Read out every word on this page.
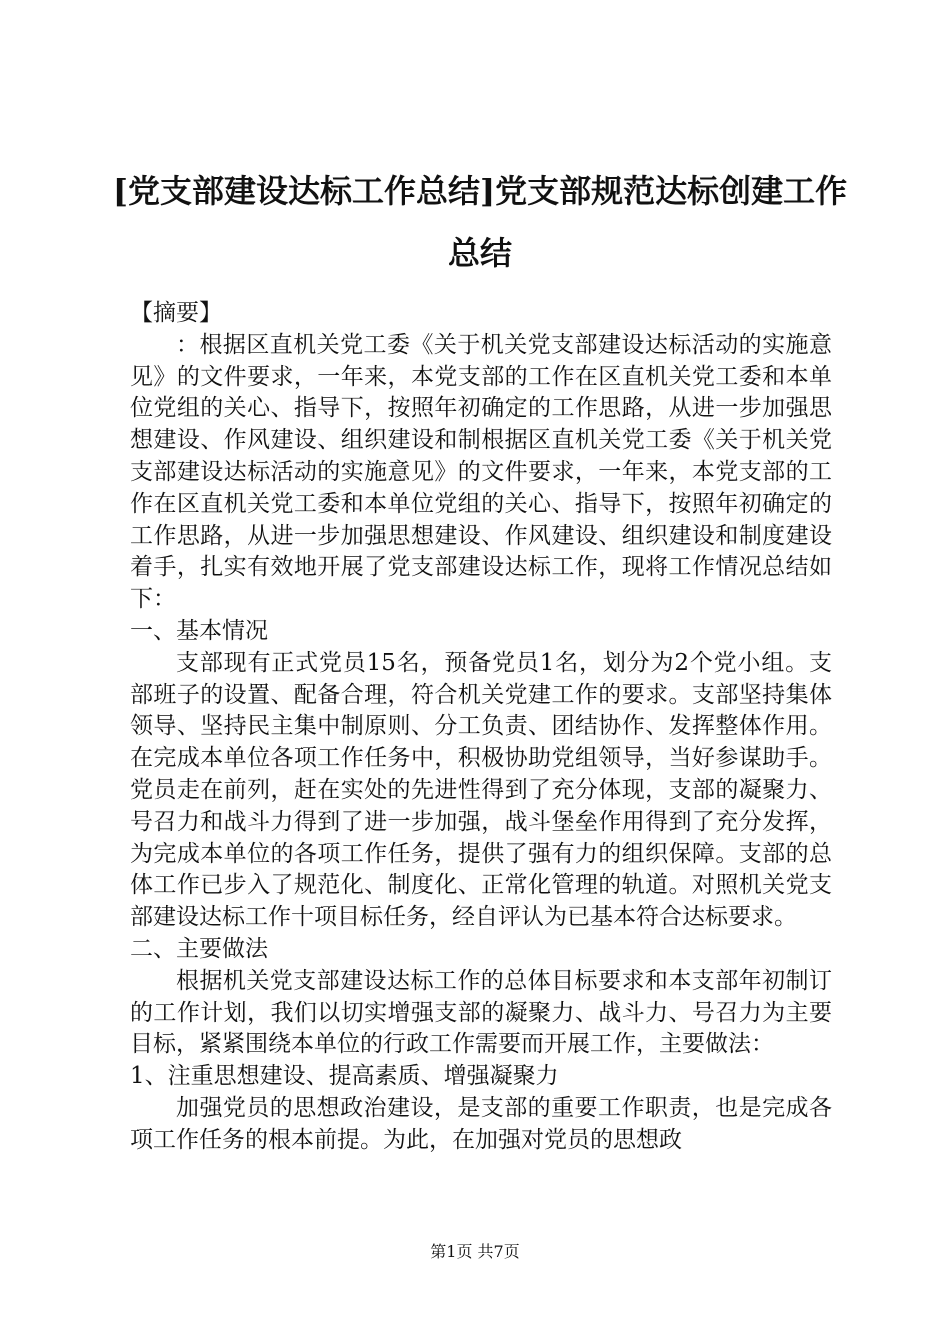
[党支部建设达标工作总结]党支部规范达标创建工作总结

【摘要】

：根据区直机关党工委《关于机关党支部建设达标活动的实施意见》的文件要求，一年来，本党支部的工作在区直机关党工委和本单位党组的关心、指导下，按照年初确定的工作思路，从进一步加强思想建设、作风建设、组织建设和制根据区直机关党工委《关于机关党支部建设达标活动的实施意见》的文件要求，一年来，本党支部的工作在区直机关党工委和本单位党组的关心、指导下，按照年初确定的工作思路，从进一步加强思想建设、作风建设、组织建设和制度建设着手，扎实有效地开展了党支部建设达标工作，现将工作情况总结如下：

一、基本情况

支部现有正式党员15名，预备党员1名，划分为2个党小组。支部班子的设置、配备合理，符合机关党建工作的要求。支部坚持集体领导、坚持民主集中制原则、分工负责、团结协作、发挥整体作用。在完成本单位各项工作任务中，积极协助党组领导，当好参谋助手。党员走在前列，赶在实处的先进性得到了充分体现，支部的凝聚力、号召力和战斗力得到了进一步加强，战斗堡垒作用得到了充分发挥，为完成本单位的各项工作任务，提供了强有力的组织保障。支部的总体工作已步入了规范化、制度化、正常化管理的轨道。对照机关党支部建设达标工作十项目标任务，经自评认为已基本符合达标要求。

二、主要做法

根据机关党支部建设达标工作的总体目标要求和本支部年初制订的工作计划，我们以切实增强支部的凝聚力、战斗力、号召力为主要目标，紧紧围绕本单位的行政工作需要而开展工作，主要做法：

1、注重思想建设、提高素质、增强凝聚力

加强党员的思想政治建设，是支部的重要工作职责，也是完成各项工作任务的根本前提。为此，在加强对党员的思想政

第1页 共7页
